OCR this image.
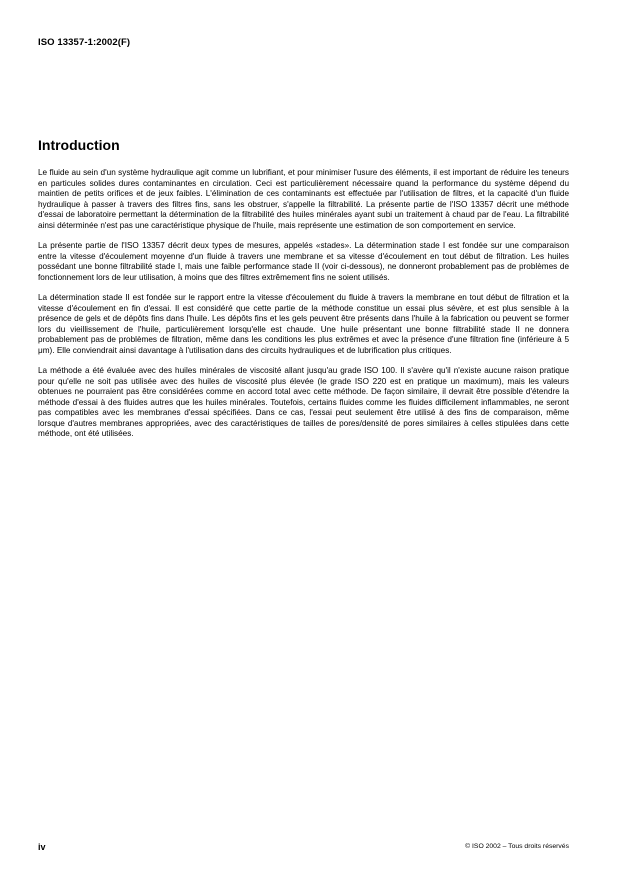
ISO 13357-1:2002(F)
Introduction

Le fluide au sein d'un système hydraulique agit comme un lubrifiant, et pour minimiser l'usure des éléments, il est important de réduire les teneurs en particules solides dures contaminantes en circulation. Ceci est particulièrement nécessaire quand la performance du système dépend du maintien de petits orifices et de jeux faibles. L'élimination de ces contaminants est effectuée par l'utilisation de filtres, et la capacité d'un fluide hydraulique à passer à travers des filtres fins, sans les obstruer, s'appelle la filtrabilité. La présente partie de l'ISO 13357 décrit une méthode d'essai de laboratoire permettant la détermination de la filtrabilité des huiles minérales ayant subi un traitement à chaud par de l'eau. La filtrabilité ainsi déterminée n'est pas une caractéristique physique de l'huile, mais représente une estimation de son comportement en service.

La présente partie de l'ISO 13357 décrit deux types de mesures, appelés «stades». La détermination stade I est fondée sur une comparaison entre la vitesse d'écoulement moyenne d'un fluide à travers une membrane et sa vitesse d'écoulement en tout début de filtration. Les huiles possédant une bonne filtrabilité stade I, mais une faible performance stade II (voir ci-dessous), ne donneront probablement pas de problèmes de fonctionnement lors de leur utilisation, à moins que des filtres extrêmement fins ne soient utilisés.

La détermination stade II est fondée sur le rapport entre la vitesse d'écoulement du fluide à travers la membrane en tout début de filtration et la vitesse d'écoulement en fin d'essai. Il est considéré que cette partie de la méthode constitue un essai plus sévère, et est plus sensible à la présence de gels et de dépôts fins dans l'huile. Les dépôts fins et les gels peuvent être présents dans l'huile à la fabrication ou peuvent se former lors du vieillissement de l'huile, particulièrement lorsqu'elle est chaude. Une huile présentant une bonne filtrabilité stade II ne donnera probablement pas de problèmes de filtration, même dans les conditions les plus extrêmes et avec la présence d'une filtration fine (inférieure à 5 μm). Elle conviendrait ainsi davantage à l'utilisation dans des circuits hydrauliques et de lubrification plus critiques.

La méthode a été évaluée avec des huiles minérales de viscosité allant jusqu'au grade ISO 100. Il s'avère qu'il n'existe aucune raison pratique pour qu'elle ne soit pas utilisée avec des huiles de viscosité plus élevée (le grade ISO 220 est en pratique un maximum), mais les valeurs obtenues ne pourraient pas être considérées comme en accord total avec cette méthode. De façon similaire, il devrait être possible d'étendre la méthode d'essai à des fluides autres que les huiles minérales. Toutefois, certains fluides comme les fluides difficilement inflammables, ne seront pas compatibles avec les membranes d'essai spécifiées. Dans ce cas, l'essai peut seulement être utilisé à des fins de comparaison, même lorsque d'autres membranes appropriées, avec des caractéristiques de tailles de pores/densité de pores similaires à celles stipulées dans cette méthode, ont été utilisées.

iv	© ISO 2002 – Tous droits réservés
